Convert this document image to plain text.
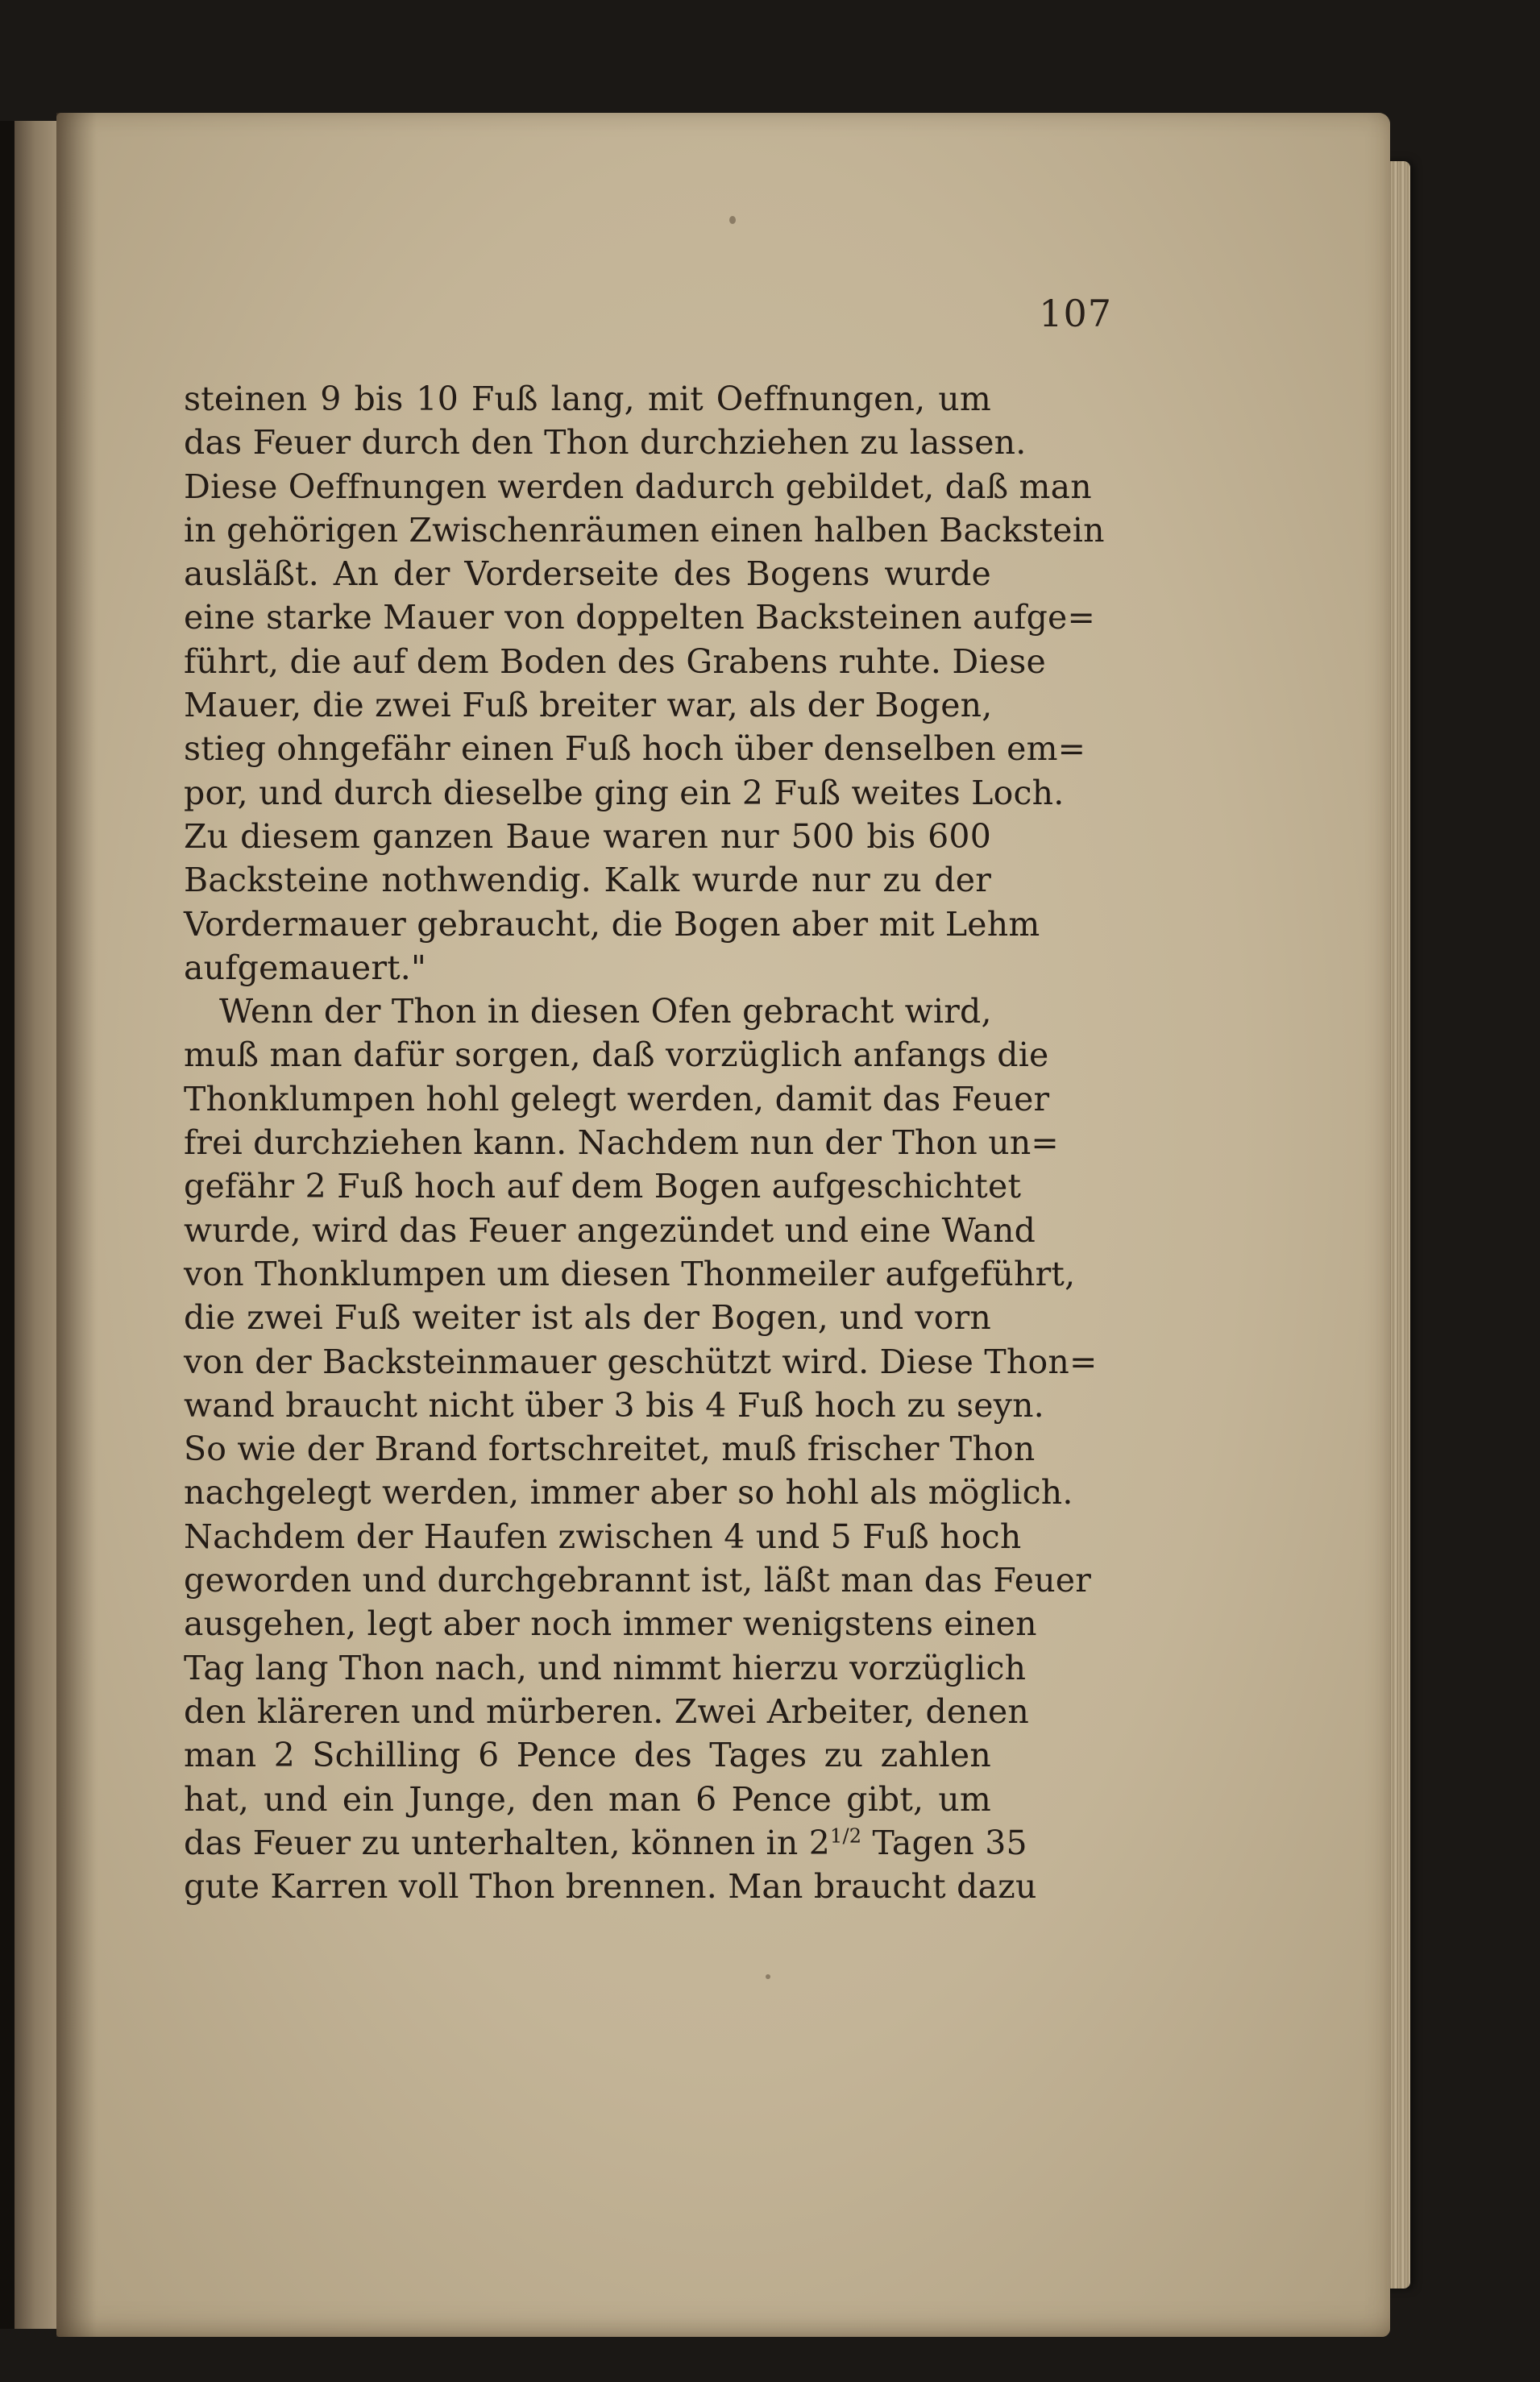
107
steinen 9 bis 10 Fuß lang, mit Oeffnungen, um
das Feuer durch den Thon durchziehen zu lassen.
Diese Oeffnungen werden dadurch gebildet, daß man
in gehörigen Zwischenräumen einen halben Backstein
ausläßt. An der Vorderseite des Bogens wurde
eine starke Mauer von doppelten Backsteinen aufge=
führt, die auf dem Boden des Grabens ruhte. Diese
Mauer, die zwei Fuß breiter war, als der Bogen,
stieg ohngefähr einen Fuß hoch über denselben em=
por, und durch dieselbe ging ein 2 Fuß weites Loch.
Zu diesem ganzen Baue waren nur 500 bis 600
Backsteine nothwendig. Kalk wurde nur zu der
Vordermauer gebraucht, die Bogen aber mit Lehm
aufgemauert."
Wenn der Thon in diesen Ofen gebracht wird,
muß man dafür sorgen, daß vorzüglich anfangs die
Thonklumpen hohl gelegt werden, damit das Feuer
frei durchziehen kann. Nachdem nun der Thon un=
gefähr 2 Fuß hoch auf dem Bogen aufgeschichtet
wurde, wird das Feuer angezündet und eine Wand
von Thonklumpen um diesen Thonmeiler aufgeführt,
die zwei Fuß weiter ist als der Bogen, und vorn
von der Backsteinmauer geschützt wird. Diese Thon=
wand braucht nicht über 3 bis 4 Fuß hoch zu seyn.
So wie der Brand fortschreitet, muß frischer Thon
nachgelegt werden, immer aber so hohl als möglich.
Nachdem der Haufen zwischen 4 und 5 Fuß hoch
geworden und durchgebrannt ist, läßt man das Feuer
ausgehen, legt aber noch immer wenigstens einen
Tag lang Thon nach, und nimmt hierzu vorzüglich
den kläreren und mürberen. Zwei Arbeiter, denen
man 2 Schilling 6 Pence des Tages zu zahlen
hat, und ein Junge, den man 6 Pence gibt, um
das Feuer zu unterhalten, können in $2^{1/2}$ Tagen 35
gute Karren voll Thon brennen. Man braucht dazu
